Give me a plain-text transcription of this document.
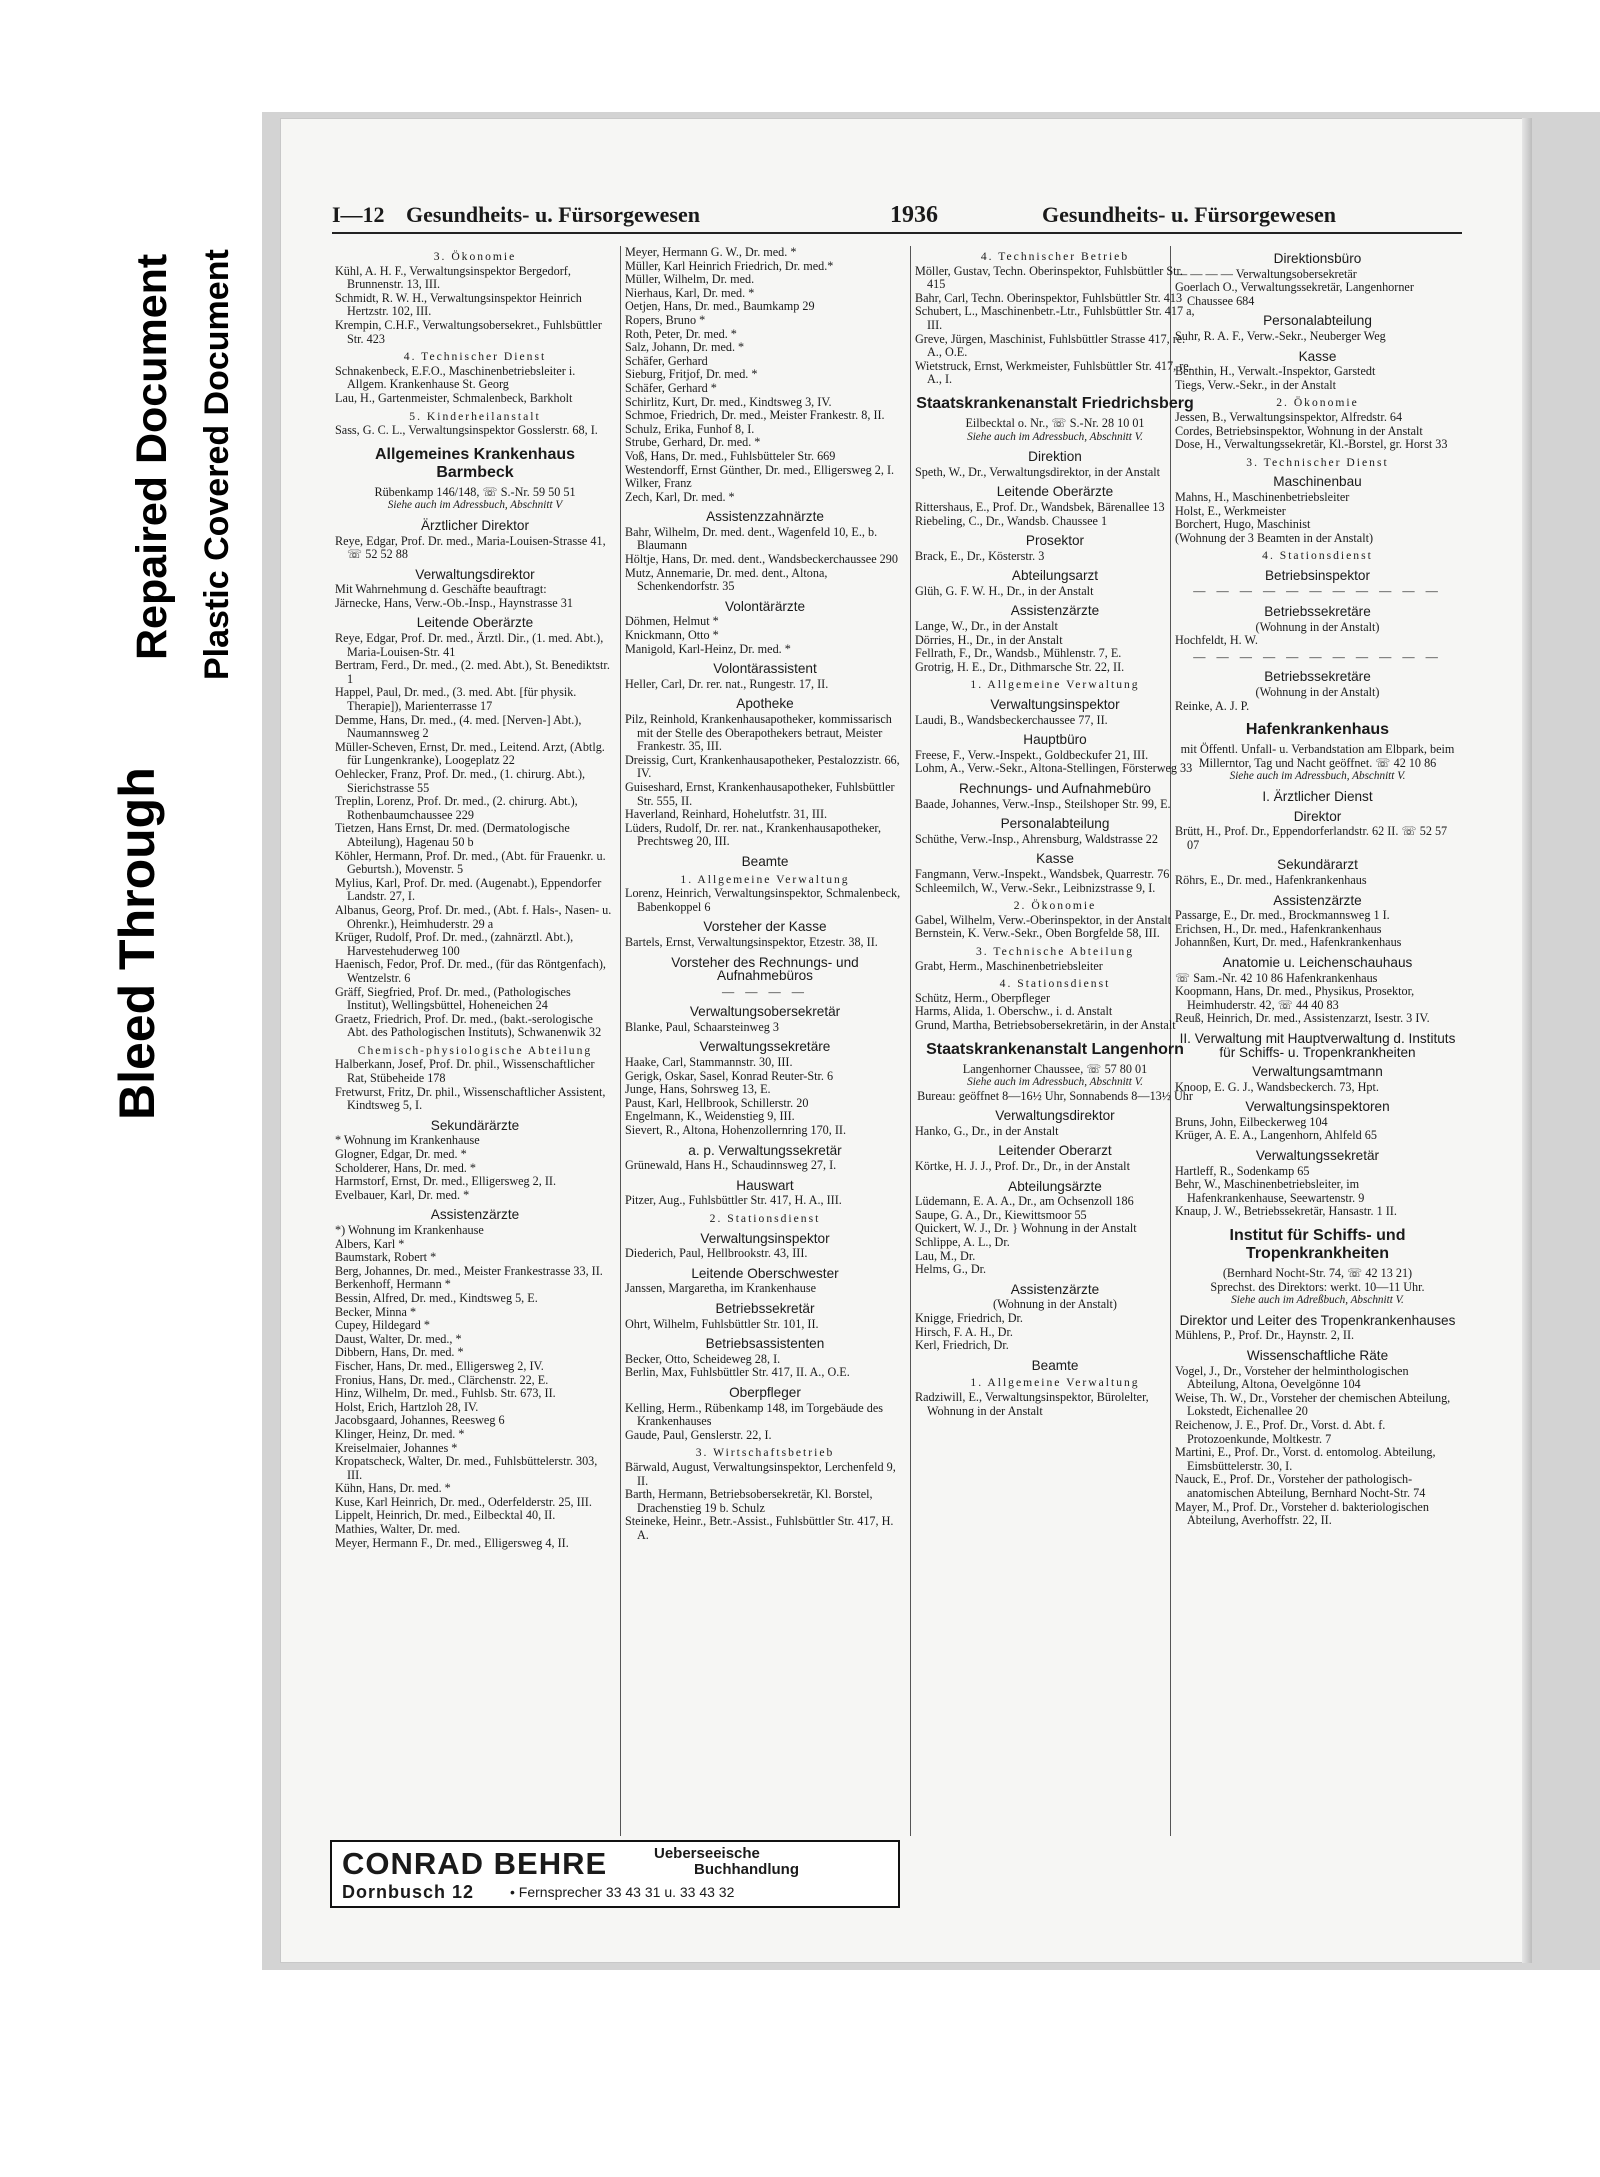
Bleed Through
Repaired Document Plastic Covered Document
I—12 Gesundheits- u. Fürsorgewesen	1936	Gesundheits- u. Fürsorgewesen

3. Ökonomie

Kühl, A. H. F., Verwaltungsinspektor Bergedorf, Brunnenstr. 13, III.

Schmidt, R. W. H., Verwaltungsinspektor Heinrich Hertzstr. 102, III.

Krempin, C.H.F., Verwaltungsobersekret., Fuhlsbüttler Str. 423

4. Technischer Dienst

Schnakenbeck, E.F.O., Maschinenbetriebsleiter i. Allgem. Krankenhause St. Georg

Lau, H., Gartenmeister, Schmalenbeck, Barkholt

5. Kinderheilanstalt

Sass, G. C. L., Verwaltungsinspektor Gosslerstr. 68, I.

Allgemeines Krankenhaus Barmbeck

Rübenkamp 146/148, ☏ S.-Nr. 59 50 51

Siehe auch im Adressbuch, Abschnitt V

Ärztlicher Direktor

Reye, Edgar, Prof. Dr. med., Maria-Louisen-Strasse 41, ☏ 52 52 88

Verwaltungsdirektor

Mit Wahrnehmung d. Geschäfte beauftragt:

Järnecke, Hans, Verw.-Ob.-Insp., Haynstrasse 31

Leitende Oberärzte

Reye, Edgar, Prof. Dr. med., Ärztl. Dir., (1. med. Abt.), Maria-Louisen-Str. 41

Bertram, Ferd., Dr. med., (2. med. Abt.), St. Benediktstr. 1

Happel, Paul, Dr. med., (3. med. Abt. [für physik. Therapie]), Marienterrasse 17

Demme, Hans, Dr. med., (4. med. [Nerven-] Abt.), Naumannsweg 2

Müller-Scheven, Ernst, Dr. med., Leitend. Arzt, (Abtlg. für Lungenkranke), Loogeplatz 22

Oehlecker, Franz, Prof. Dr. med., (1. chirurg. Abt.), Sierichstrasse 55

Treplin, Lorenz, Prof. Dr. med., (2. chirurg. Abt.), Rothenbaumchaussee 229

Tietzen, Hans Ernst, Dr. med. (Dermatologische Abteilung), Hagenau 50 b

Köhler, Hermann, Prof. Dr. med., (Abt. für Frauenkr. u. Geburtsh.), Movenstr. 5

Mylius, Karl, Prof. Dr. med. (Augenabt.), Eppendorfer Landstr. 27, I.

Albanus, Georg, Prof. Dr. med., (Abt. f. Hals-, Nasen- u. Ohrenkr.), Heimhuderstr. 29 a

Krüger, Rudolf, Prof. Dr. med., (zahnärztl. Abt.), Harvestehuderweg 100

Haenisch, Fedor, Prof. Dr. med., (für das Röntgenfach), Wentzelstr. 6

Gräff, Siegfried, Prof. Dr. med., (Pathologisches Institut), Wellingsbüttel, Hoheneichen 24

Graetz, Friedrich, Prof. Dr. med., (bakt.-serologische Abt. des Pathologischen Instituts), Schwanenwik 32

Chemisch-physiologische Abteilung

Halberkann, Josef, Prof. Dr. phil., Wissenschaftlicher Rat, Stübeheide 178

Fretwurst, Fritz, Dr. phil., Wissenschaftlicher Assistent, Kindtsweg 5, I.

Sekundärärzte

* Wohnung im Krankenhause

Glogner, Edgar, Dr. med. *

Scholderer, Hans, Dr. med. *

Harmstorf, Ernst, Dr. med., Elligersweg 2, II.

Evelbauer, Karl, Dr. med. *

Assistenzärzte

*) Wohnung im Krankenhause

Albers, Karl *

Baumstark, Robert *

Berg, Johannes, Dr. med., Meister Frankestrasse 33, II.

Berkenhoff, Hermann *

Bessin, Alfred, Dr. med., Kindtsweg 5, E.

Becker, Minna *

Cupey, Hildegard *

Daust, Walter, Dr. med., *

Dibbern, Hans, Dr. med. *

Fischer, Hans, Dr. med., Elligersweg 2, IV.

Fronius, Hans, Dr. med., Clärchenstr. 22, E.

Hinz, Wilhelm, Dr. med., Fuhlsb. Str. 673, II.

Holst, Erich, Hartzloh 28, IV.

Jacobsgaard, Johannes, Reesweg 6

Klinger, Heinz, Dr. med. *

Kreiselmaier, Johannes *

Kropatscheck, Walter, Dr. med., Fuhlsbüttelerstr. 303, III.

Kühn, Hans, Dr. med. *

Kuse, Karl Heinrich, Dr. med., Oderfelderstr. 25, III.

Lippelt, Heinrich, Dr. med., Eilbecktal 40, II.

Mathies, Walter, Dr. med.

Meyer, Hermann F., Dr. med., Elligersweg 4, II.

Meyer, Hermann G. W., Dr. med. *

Müller, Karl Heinrich Friedrich, Dr. med.*

Müller, Wilhelm, Dr. med.

Nierhaus, Karl, Dr. med. *

Oetjen, Hans, Dr. med., Baumkamp 29

Ropers, Bruno *

Roth, Peter, Dr. med. *

Salz, Johann, Dr. med. *

Schäfer, Gerhard

Sieburg, Fritjof, Dr. med. *

Schäfer, Gerhard *

Schirlitz, Kurt, Dr. med., Kindtsweg 3, IV.

Schmoe, Friedrich, Dr. med., Meister Frankestr. 8, II.

Schulz, Erika, Funhof 8, I.

Strube, Gerhard, Dr. med. *

Voß, Hans, Dr. med., Fuhlsbütteler Str. 669

Westendorff, Ernst Günther, Dr. med., Elligersweg 2, I.

Wilker, Franz

Zech, Karl, Dr. med. *

Assistenzzahnärzte

Bahr, Wilhelm, Dr. med. dent., Wagenfeld 10, E., b. Blaumann

Höltje, Hans, Dr. med. dent., Wandsbeckerchaussee 290

Mutz, Annemarie, Dr. med. dent., Altona, Schenkendorfstr. 35

Volontärärzte

Döhmen, Helmut *

Knickmann, Otto *

Manigold, Karl-Heinz, Dr. med. *

Volontärassistent

Heller, Carl, Dr. rer. nat., Rungestr. 17, II.

Apotheke

Pilz, Reinhold, Krankenhausapotheker, kommissarisch mit der Stelle des Oberapothekers betraut, Meister Frankestr. 35, III.

Dreissig, Curt, Krankenhausapotheker, Pestalozzistr. 66, IV.

Guiseshard, Ernst, Krankenhausapotheker, Fuhlsbüttler Str. 555, II.

Haverland, Reinhard, Hohelutfstr. 31, III.

Lüders, Rudolf, Dr. rer. nat., Krankenhausapotheker, Prechtsweg 20, III.

Beamte

1. Allgemeine Verwaltung

Lorenz, Heinrich, Verwaltungsinspektor, Schmalenbeck, Babenkoppel 6

Vorsteher der Kasse

Bartels, Ernst, Verwaltungsinspektor, Etzestr. 38, II.

Vorsteher des Rechnungs- und Aufnahmebüros

— — — —

Verwaltungsobersekretär

Blanke, Paul, Schaarsteinweg 3

Verwaltungssekretäre

Haake, Carl, Stammannstr. 30, III.

Gerigk, Oskar, Sasel, Konrad Reuter-Str. 6

Junge, Hans, Sohrsweg 13, E.

Paust, Karl, Hellbrook, Schillerstr. 20

Engelmann, K., Weidenstieg 9, III.

Sievert, R., Altona, Hohenzollernring 170, II.

a. p. Verwaltungssekretär

Grünewald, Hans H., Schaudinnsweg 27, I.

Hauswart

Pitzer, Aug., Fuhlsbüttler Str. 417, H. A., III.

2. Stationsdienst

Verwaltungsinspektor

Diederich, Paul, Hellbrookstr. 43, III.

Leitende Oberschwester

Janssen, Margaretha, im Krankenhause

Betriebssekretär

Ohrt, Wilhelm, Fuhlsbüttler Str. 101, II.

Betriebsassistenten

Becker, Otto, Scheideweg 28, I.

Berlin, Max, Fuhlsbüttler Str. 417, II. A., O.E.

Oberpfleger

Kelling, Herm., Rübenkamp 148, im Torgebäude des Krankenhauses

Gaude, Paul, Genslerstr. 22, I.

3. Wirtschaftsbetrieb

Bärwald, August, Verwaltungsinspektor, Lerchenfeld 9, II.

Barth, Hermann, Betriebsobersekretär, Kl. Borstel, Drachenstieg 19 b. Schulz

Steineke, Heinr., Betr.-Assist., Fuhlsbüttler Str. 417, H. A.

4. Technischer Betrieb

Möller, Gustav, Techn. Oberinspektor, Fuhlsbüttler Str. 415

Bahr, Carl, Techn. Oberinspektor, Fuhlsbüttler Str. 413

Schubert, L., Maschinenbetr.-Ltr., Fuhlsbüttler Str. 417 a, III.

Greve, Jürgen, Maschinist, Fuhlsbüttler Strasse 417, re. A., O.E.

Wietstruck, Ernst, Werkmeister, Fuhlsbüttler Str. 417, re. A., I.

Staatskrankenanstalt Friedrichsberg

Eilbecktal o. Nr., ☏ S.-Nr. 28 10 01

Siehe auch im Adressbuch, Abschnitt V.

Direktion

Speth, W., Dr., Verwaltungsdirektor, in der Anstalt

Leitende Oberärzte

Rittershaus, E., Prof. Dr., Wandsbek, Bärenallee 13

Riebeling, C., Dr., Wandsb. Chaussee 1

Prosektor

Brack, E., Dr., Kösterstr. 3

Abteilungsarzt

Glüh, G. F. W. H., Dr., in der Anstalt

Assistenzärzte

Lange, W., Dr., in der Anstalt

Dörries, H., Dr., in der Anstalt

Fellrath, F., Dr., Wandsb., Mühlenstr. 7, E.

Grotrig, H. E., Dr., Dithmarsche Str. 22, II.

1. Allgemeine Verwaltung

Verwaltungsinspektor

Laudi, B., Wandsbeckerchaussee 77, II.

Hauptbüro

Freese, F., Verw.-Inspekt., Goldbeckufer 21, III.

Lohm, A., Verw.-Sekr., Altona-Stellingen, Försterweg 33

Rechnungs- und Aufnahmebüro

Baade, Johannes, Verw.-Insp., Steilshoper Str. 99, E.

Personalabteilung

Schüthe, Verw.-Insp., Ahrensburg, Waldstrasse 22

Kasse

Fangmann, Verw.-Inspekt., Wandsbek, Quarrestr. 76

Schleemilch, W., Verw.-Sekr., Leibnizstrasse 9, I.

2. Ökonomie

Gabel, Wilhelm, Verw.-Oberinspektor, in der Anstalt

Bernstein, K. Verw.-Sekr., Oben Borgfelde 58, III.

3. Technische Abteilung

Grabt, Herm., Maschinenbetriebsleiter

4. Stationsdienst

Schütz, Herm., Oberpfleger

Harms, Alida, 1. Oberschw., i. d. Anstalt

Grund, Martha, Betriebsobersekretärin, in der Anstalt

Staatskrankenanstalt Langenhorn

Langenhorner Chaussee, ☏ 57 80 01

Siehe auch im Adressbuch, Abschnitt V.

Bureau: geöffnet 8—16½ Uhr, Sonnabends 8—13½ Uhr

Verwaltungsdirektor

Hanko, G., Dr., in der Anstalt

Leitender Oberarzt

Körtke, H. J. J., Prof. Dr., Dr., in der Anstalt

Abteilungsärzte

Lüdemann, E. A. A., Dr., am Ochsenzoll 186

Saupe, G. A., Dr., Kiewittsmoor 55

Quickert, W. J., Dr. } Wohnung in der Anstalt

Schlippe, A. L., Dr.

Lau, M., Dr.

Helms, G., Dr.

Assistenzärzte

(Wohnung in der Anstalt)

Knigge, Friedrich, Dr.

Hirsch, F. A. H., Dr.

Kerl, Friedrich, Dr.

Beamte

1. Allgemeine Verwaltung

Radziwill, E., Verwaltungsinspektor, Bürolelter, Wohnung in der Anstalt

Direktionsbüro

— — — — Verwaltungsobersekretär

Goerlach O., Verwaltungssekretär, Langenhorner Chaussee 684

Personalabteilung

Suhr, R. A. F., Verw.-Sekr., Neuberger Weg

Kasse

Benthin, H., Verwalt.-Inspektor, Garstedt

Tiegs, Verw.-Sekr., in der Anstalt

2. Ökonomie

Jessen, B., Verwaltungsinspektor, Alfredstr. 64

Cordes, Betriebsinspektor, Wohnung in der Anstalt

Dose, H., Verwaltungssekretär, Kl.-Borstel, gr. Horst 33

3. Technischer Dienst

Maschinenbau

Mahns, H., Maschinenbetriebsleiter

Holst, E., Werkmeister

Borchert, Hugo, Maschinist

(Wohnung der 3 Beamten in der Anstalt)

4. Stationsdienst

Betriebsinspektor

— — — — — — — — — — —

Betriebssekretäre

(Wohnung in der Anstalt)

Hochfeldt, H. W.

— — — — — — — — — — —

Betriebssekretäre

(Wohnung in der Anstalt)

Reinke, A. J. P.

Hafenkrankenhaus

mit Öffentl. Unfall- u. Verbandstation am Elbpark, beim Millerntor, Tag und Nacht geöffnet. ☏ 42 10 86

Siehe auch im Adressbuch, Abschnitt V.

I. Ärztlicher Dienst

Direktor

Brütt, H., Prof. Dr., Eppendorferlandstr. 62 II. ☏ 52 57 07

Sekundärarzt

Röhrs, E., Dr. med., Hafenkrankenhaus

Assistenzärzte

Passarge, E., Dr. med., Brockmannsweg 1 I.

Erichsen, H., Dr. med., Hafenkrankenhaus

Johannßen, Kurt, Dr. med., Hafenkrankenhaus

Anatomie u. Leichenschauhaus

☏ Sam.-Nr. 42 10 86 Hafenkrankenhaus

Koopmann, Hans, Dr. med., Physikus, Prosektor, Heimhuderstr. 42, ☏ 44 40 83

Reuß, Heinrich, Dr. med., Assistenzarzt, Isestr. 3 IV.

II. Verwaltung mit Hauptverwaltung d. Instituts für Schiffs- u. Tropenkrankheiten

Verwaltungsamtmann

Knoop, E. G. J., Wandsbeckerch. 73, Hpt.

Verwaltungsinspektoren

Bruns, John, Eilbeckerweg 104

Krüger, A. E. A., Langenhorn, Ahlfeld 65

Verwaltungssekretär

Hartleff, R., Sodenkamp 65

Behr, W., Maschinenbetriebsleiter, im Hafenkrankenhause, Seewartenstr. 9

Knaup, J. W., Betriebssekretär, Hansastr. 1 II.

Institut für Schiffs- und Tropenkrankheiten

(Bernhard Nocht-Str. 74, ☏ 42 13 21)

Sprechst. des Direktors: werkt. 10—11 Uhr.

Siehe auch im Adreßbuch, Abschnitt V.

Direktor und Leiter des Tropenkrankenhauses

Mühlens, P., Prof. Dr., Haynstr. 2, II.

Wissenschaftliche Räte

Vogel, J., Dr., Vorsteher der helminthologischen Abteilung, Altona, Oevelgönne 104

Weise, Th. W., Dr., Vorsteher der chemischen Abteilung, Lokstedt, Eichenallee 20

Reichenow, J. E., Prof. Dr., Vorst. d. Abt. f. Protozoenkunde, Moltkestr. 7

Martini, E., Prof. Dr., Vorst. d. entomolog. Abteilung, Eimsbüttelerstr. 30, I.

Nauck, E., Prof. Dr., Vorsteher der pathologisch-anatomischen Abteilung, Bernhard Nocht-Str. 74

Mayer, M., Prof. Dr., Vorsteher d. bakteriologischen Abteilung, Averhoffstr. 22, II.

CONRAD BEHRE	Ueberseeische
Buchhandlung
Dornbusch 12	• Fernsprecher 33 43 31 u. 33 43 32
